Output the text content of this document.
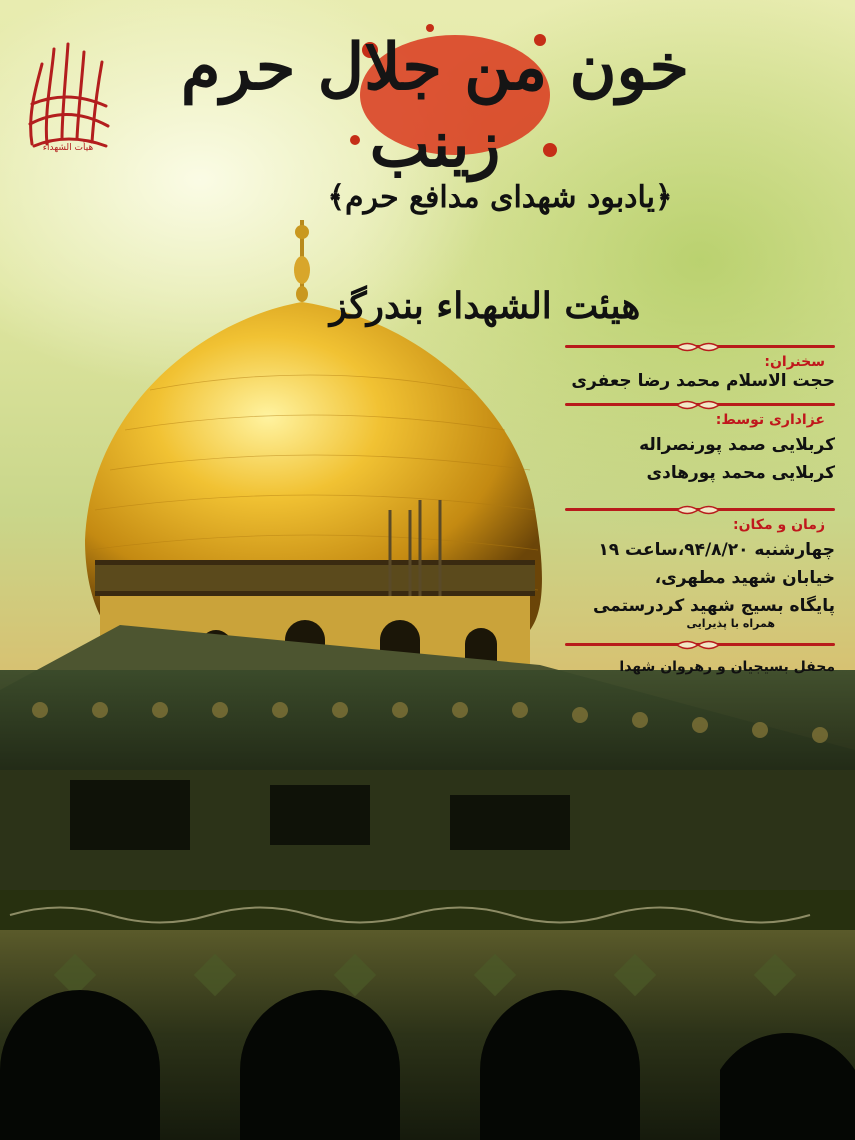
هیأت الشهداء
خون من جلال حرم زینب
﴿یادبود شهدای مدافع حرم﴾
هیئت الشهداء بندرگز
سخنران:
حجت الاسلام محمد رضا جعفری
عزاداری توسط:
کربلایی صمد پورنصراله
کربلایی محمد پورهادی
زمان و مکان:
چهارشنبه ۹۴/۸/۲۰،ساعت ۱۹
خیابان شهید مطهری،
پایگاه بسیج شهید کردرستمی
همراه با پذیرایی
محفل بسیجیان و رهروان شهدا
